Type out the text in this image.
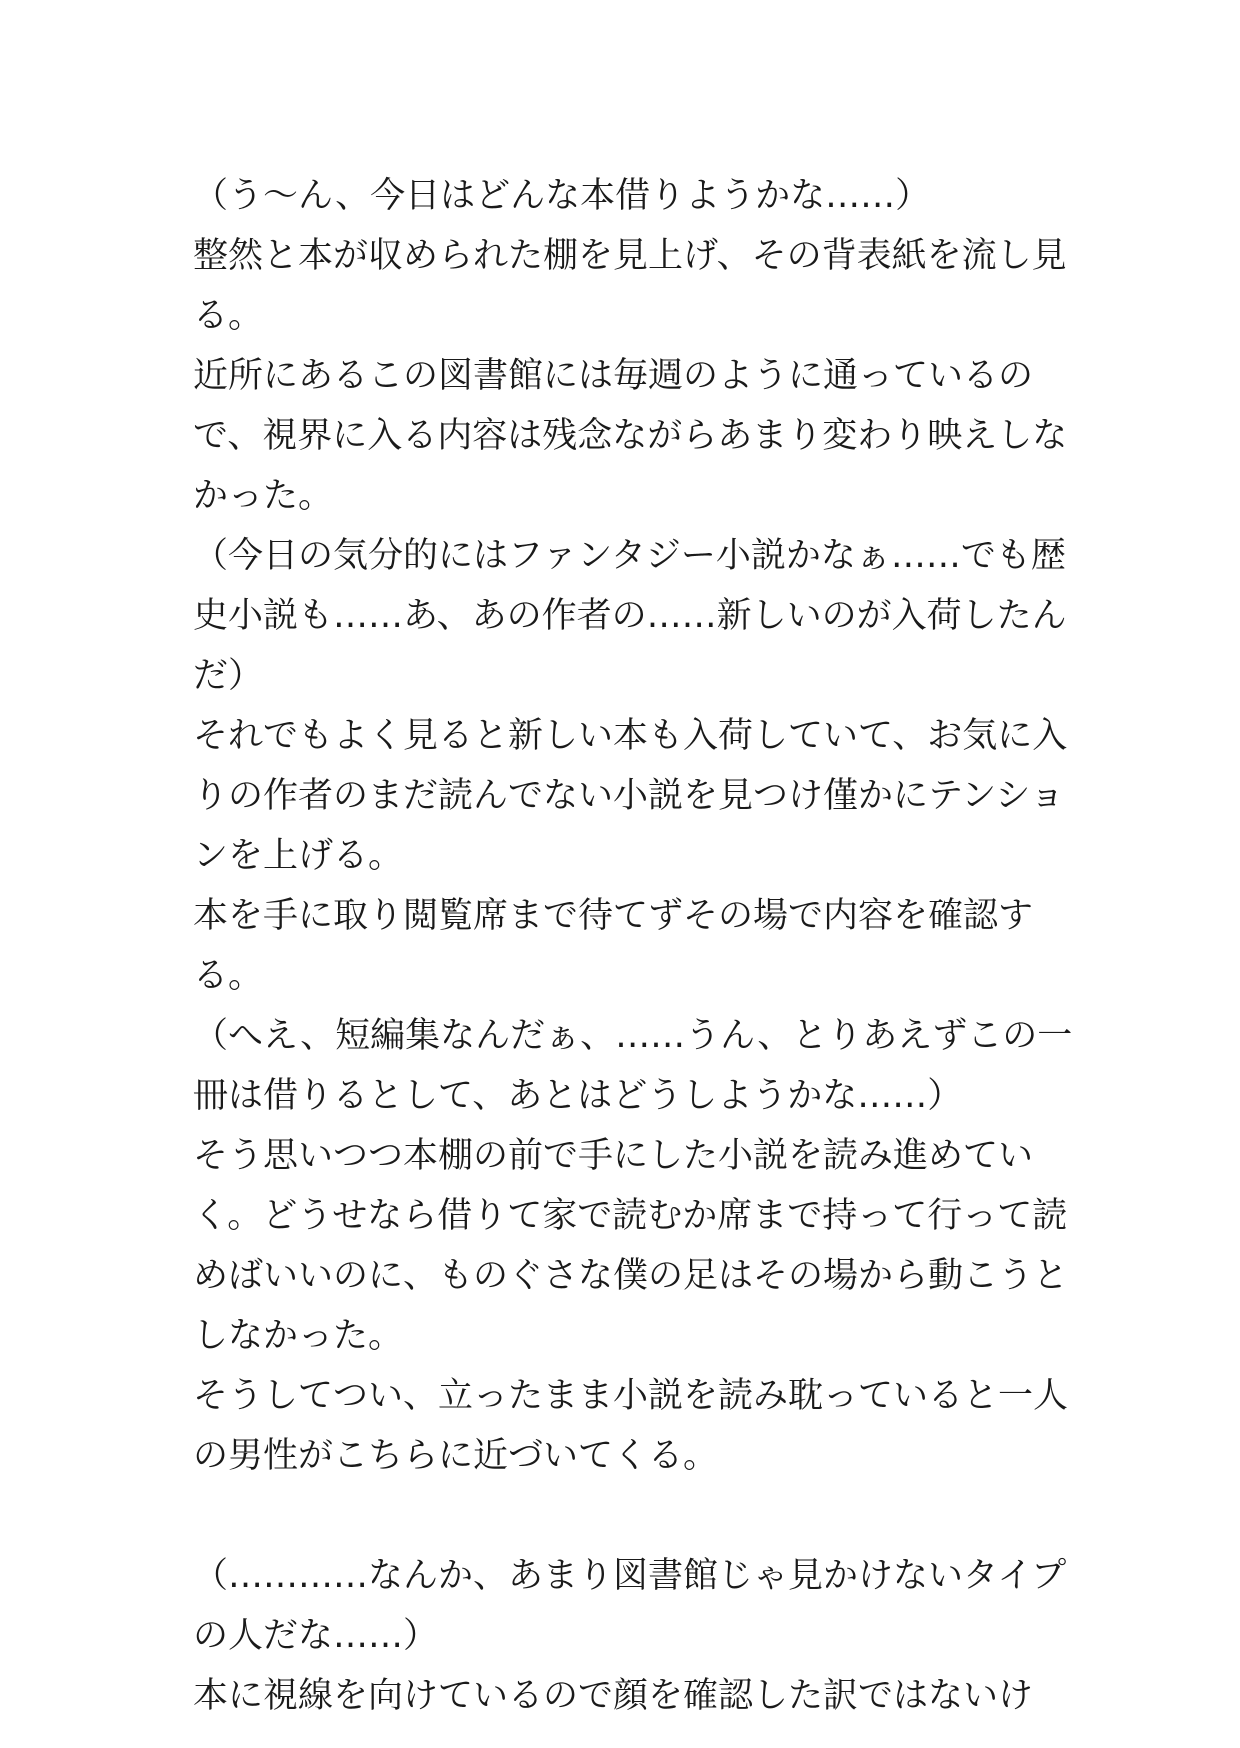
（う〜ん、今日はどんな本借りようかな……）
整然と本が収められた棚を見上げ、その背表紙を流し見
る。
近所にあるこの図書館には毎週のように通っているの
で、視界に入る内容は残念ながらあまり変わり映えしな
かった。
（今日の気分的にはファンタジー小説かなぁ……でも歴
史小説も……あ、あの作者の……新しいのが入荷したん
だ）
それでもよく見ると新しい本も入荷していて、お気に入
りの作者のまだ読んでない小説を見つけ僅かにテンショ
ンを上げる。
本を手に取り閲覧席まで待てずその場で内容を確認す
る。
（へえ、短編集なんだぁ、……うん、とりあえずこの一
冊は借りるとして、あとはどうしようかな……）
そう思いつつ本棚の前で手にした小説を読み進めてい
く。どうせなら借りて家で読むか席まで持って行って読
めばいいのに、ものぐさな僕の足はその場から動こうと
しなかった。
そうしてつい、立ったまま小説を読み耽っていると一人
の男性がこちらに近づいてくる。
（…………なんか、あまり図書館じゃ見かけないタイプ
の人だな……）
本に視線を向けているので顔を確認した訳ではないけ
